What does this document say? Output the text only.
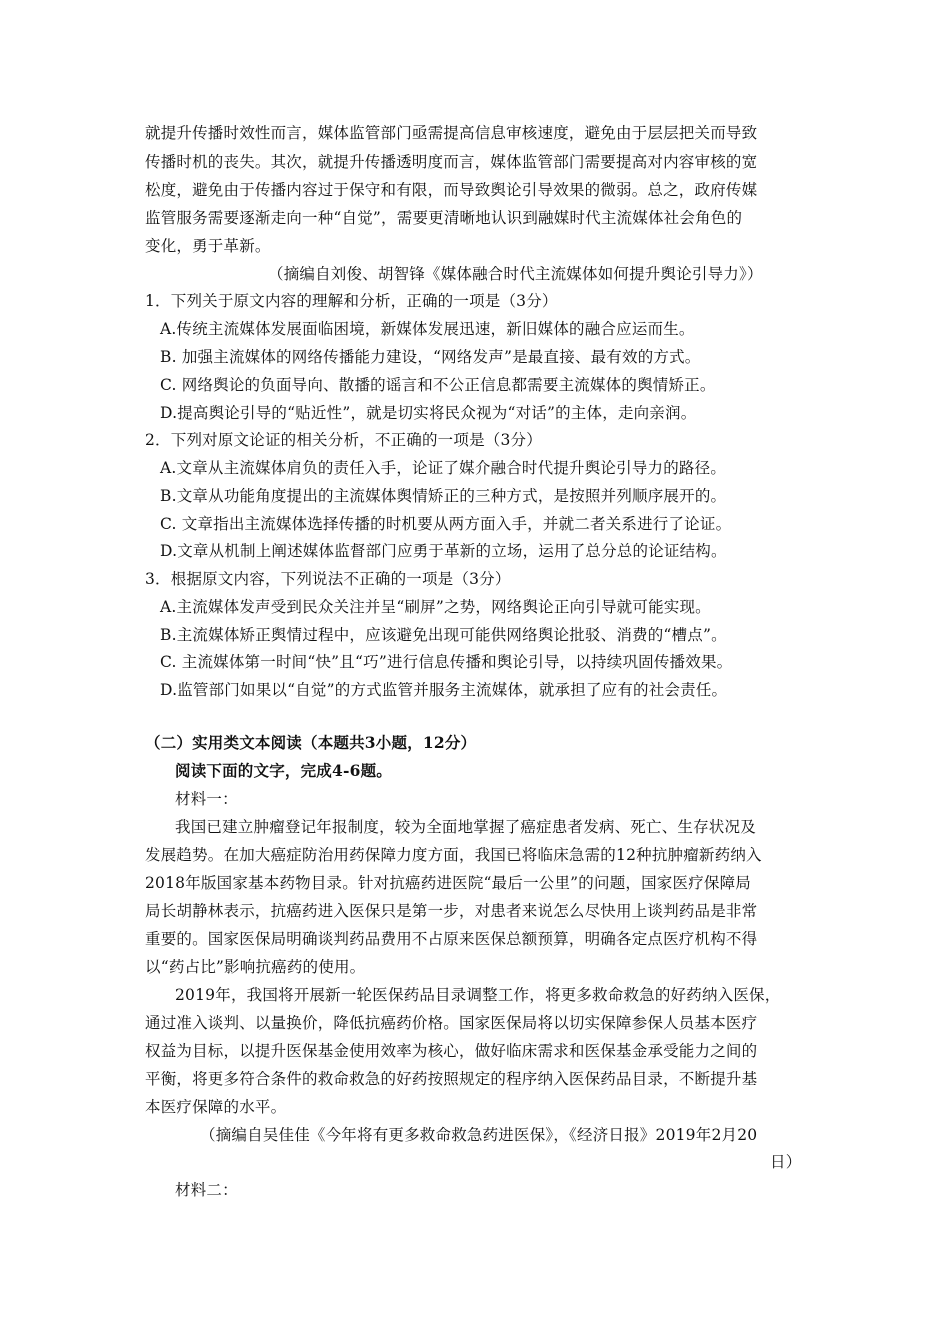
就提升传播时效性而言，媒体监管部门亟需提高信息审核速度，避免由于层层把关而导致
传播时机的丧失。其次，就提升传播透明度而言，媒体监管部门需要提高对内容审核的宽
松度，避免由于传播内容过于保守和有限，而导致舆论引导效果的微弱。总之，政府传媒
监管服务需要逐渐走向一种“自觉”，需要更清晰地认识到融媒时代主流媒体社会角色的
变化，勇于革新。
（摘编自刘俊、胡智锋《媒体融合时代主流媒体如何提升舆论引导力》）
1．下列关于原文内容的理解和分析，正确的一项是（3分）
A.传统主流媒体发展面临困境，新媒体发展迅速，新旧媒体的融合应运而生。
B. 加强主流媒体的网络传播能力建设，“网络发声”是最直接、最有效的方式。
C. 网络舆论的负面导向、散播的谣言和不公正信息都需要主流媒体的舆情矫正。
D.提高舆论引导的“贴近性”，就是切实将民众视为“对话”的主体，走向亲润。
2．下列对原文论证的相关分析，不正确的一项是（3分）
A.文章从主流媒体肩负的责任入手，论证了媒介融合时代提升舆论引导力的路径。
B.文章从功能角度提出的主流媒体舆情矫正的三种方式，是按照并列顺序展开的。
C. 文章指出主流媒体选择传播的时机要从两方面入手，并就二者关系进行了论证。
D.文章从机制上阐述媒体监督部门应勇于革新的立场，运用了总分总的论证结构。
3．根据原文内容，下列说法不正确的一项是（3分）
A.主流媒体发声受到民众关注并呈“刷屏”之势，网络舆论正向引导就可能实现。
B.主流媒体矫正舆情过程中，应该避免出现可能供网络舆论批驳、消费的“槽点”。
C. 主流媒体第一时间“快”且“巧”进行信息传播和舆论引导，以持续巩固传播效果。
D.监管部门如果以“自觉”的方式监管并服务主流媒体，就承担了应有的社会责任。
（二）实用类文本阅读（本题共3小题，12分）
阅读下面的文字，完成4-6题。
材料一：
我国已建立肿瘤登记年报制度，较为全面地掌握了癌症患者发病、死亡、生存状况及
发展趋势。在加大癌症防治用药保障力度方面，我国已将临床急需的12种抗肿瘤新药纳入
2018年版国家基本药物目录。针对抗癌药进医院“最后一公里”的问题，国家医疗保障局
局长胡静林表示，抗癌药进入医保只是第一步，对患者来说怎么尽快用上谈判药品是非常
重要的。国家医保局明确谈判药品费用不占原来医保总额预算，明确各定点医疗机构不得
以“药占比”影响抗癌药的使用。
2019年，我国将开展新一轮医保药品目录调整工作，将更多救命救急的好药纳入医保，
通过准入谈判、以量换价，降低抗癌药价格。国家医保局将以切实保障参保人员基本医疗
权益为目标，以提升医保基金使用效率为核心，做好临床需求和医保基金承受能力之间的
平衡，将更多符合条件的救命救急的好药按照规定的程序纳入医保药品目录，不断提升基
本医疗保障的水平。
（摘编自吴佳佳《今年将有更多救命救急药进医保》，《经济日报》2019年2月20
日）
材料二：
